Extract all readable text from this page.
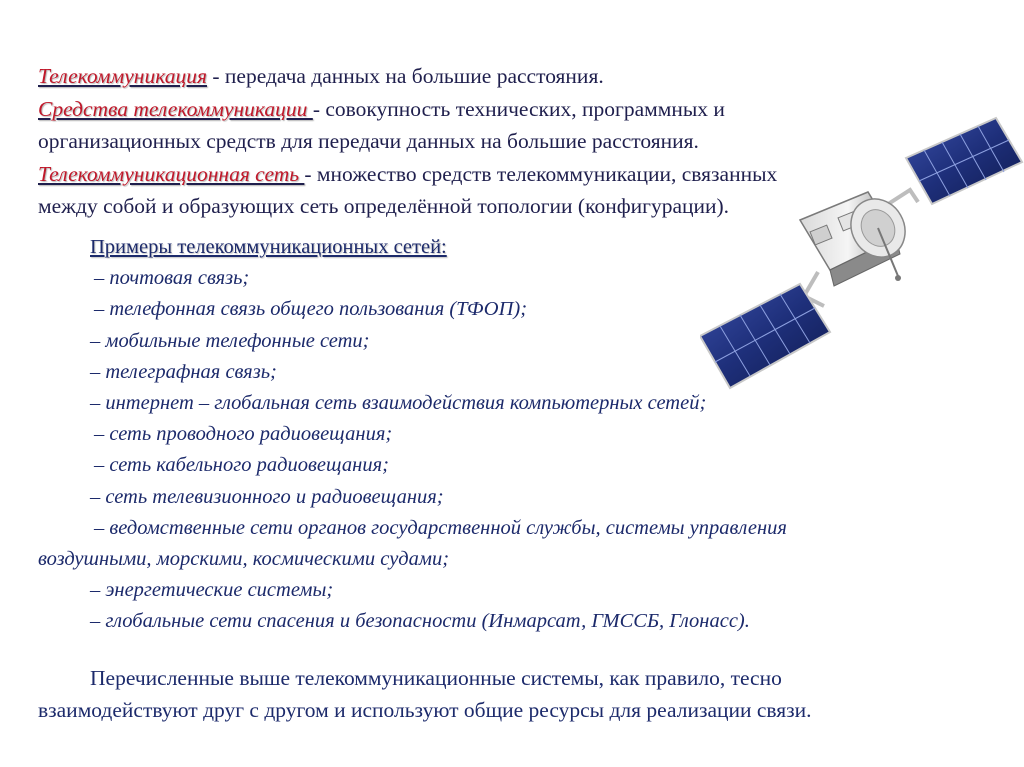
Телекоммуникация - передача данных на большие расстояния.
Средства телекоммуникации - совокупность технических, программных и
организационных средств для передачи данных на большие расстояния.
Телекоммуникационная сеть - множество средств телекоммуникации, связанных
между собой и образующих сеть определённой топологии (конфигурации).
Примеры телекоммуникационных сетей:
– почтовая связь;
– телефонная связь общего пользования (ТФОП);
– мобильные телефонные сети;
– телеграфная связь;
– интернет – глобальная сеть взаимодействия компьютерных сетей;
– сеть проводного радиовещания;
– сеть кабельного радиовещания;
– сеть телевизионного и радиовещания;
– ведомственные сети органов государственной службы, системы управления
воздушными, морскими, космическими судами;
– энергетические системы;
– глобальные сети спасения и безопасности (Инмарсат, ГМССБ, Глонасс).
Перечисленные выше телекоммуникационные системы, как правило, тесно
взаимодействуют друг с другом и используют общие ресурсы для реализации связи.
